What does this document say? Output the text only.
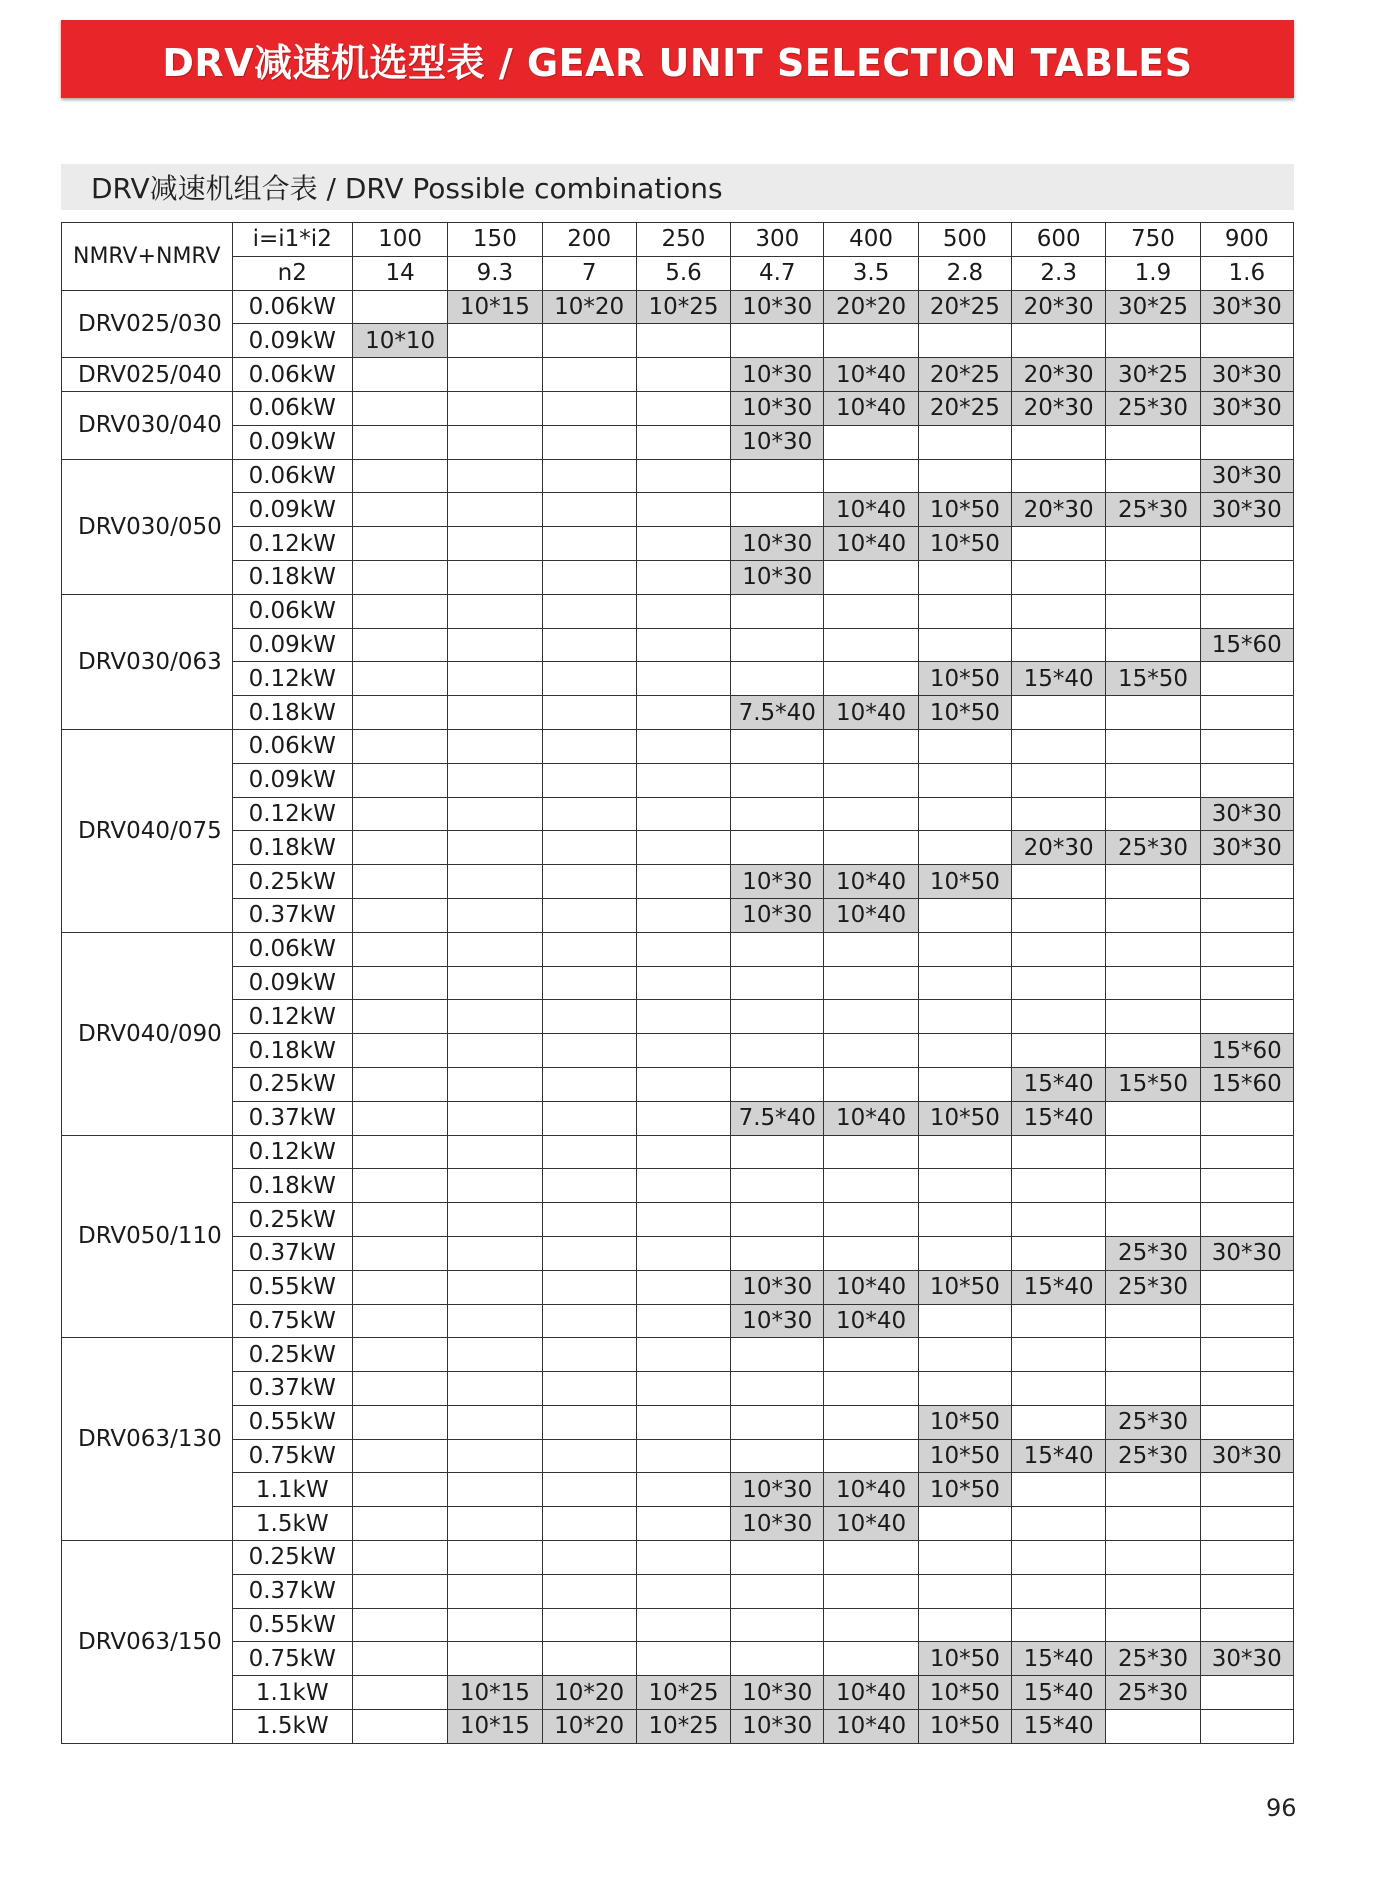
DRV减速机选型表 / GEAR UNIT SELECTION TABLES
DRV减速机组合表 / DRV Possible combinations
NMRV+NMRV	i=i1*i2	100	150	200	250	300	400	500	600	750	900
	n2	14	9.3	7	5.6	4.7	3.5	2.8	2.3	1.9	1.6
DRV025/030	0.06kW		10*15	10*20	10*25	10*30	20*20	20*25	20*30	30*25	30*30
	0.09kW	10*10									
DRV025/040	0.06kW					10*30	10*40	20*25	20*30	30*25	30*30
DRV030/040	0.06kW					10*30	10*40	20*25	20*30	25*30	30*30
	0.09kW					10*30					
DRV030/050	0.06kW										30*30
	0.09kW						10*40	10*50	20*30	25*30	30*30
	0.12kW					10*30	10*40	10*50			
	0.18kW					10*30					
DRV030/063	0.06kW										
	0.09kW										15*60
	0.12kW							10*50	15*40	15*50	
	0.18kW					7.5*40	10*40	10*50			
DRV040/075	0.06kW										
	0.09kW										
	0.12kW										30*30
	0.18kW								20*30	25*30	30*30
	0.25kW					10*30	10*40	10*50			
	0.37kW					10*30	10*40				
DRV040/090	0.06kW										
	0.09kW										
	0.12kW										
	0.18kW										15*60
	0.25kW								15*40	15*50	15*60
	0.37kW					7.5*40	10*40	10*50	15*40		
DRV050/110	0.12kW										
	0.18kW										
	0.25kW										
	0.37kW									25*30	30*30
	0.55kW					10*30	10*40	10*50	15*40	25*30	
	0.75kW					10*30	10*40				
DRV063/130	0.25kW										
	0.37kW										
	0.55kW							10*50		25*30	
	0.75kW							10*50	15*40	25*30	30*30
	1.1kW					10*30	10*40	10*50			
	1.5kW					10*30	10*40				
DRV063/150	0.25kW										
	0.37kW										
	0.55kW										
	0.75kW							10*50	15*40	25*30	30*30
	1.1kW		10*15	10*20	10*25	10*30	10*40	10*50	15*40	25*30	
	1.5kW		10*15	10*20	10*25	10*30	10*40	10*50	15*40		
96
